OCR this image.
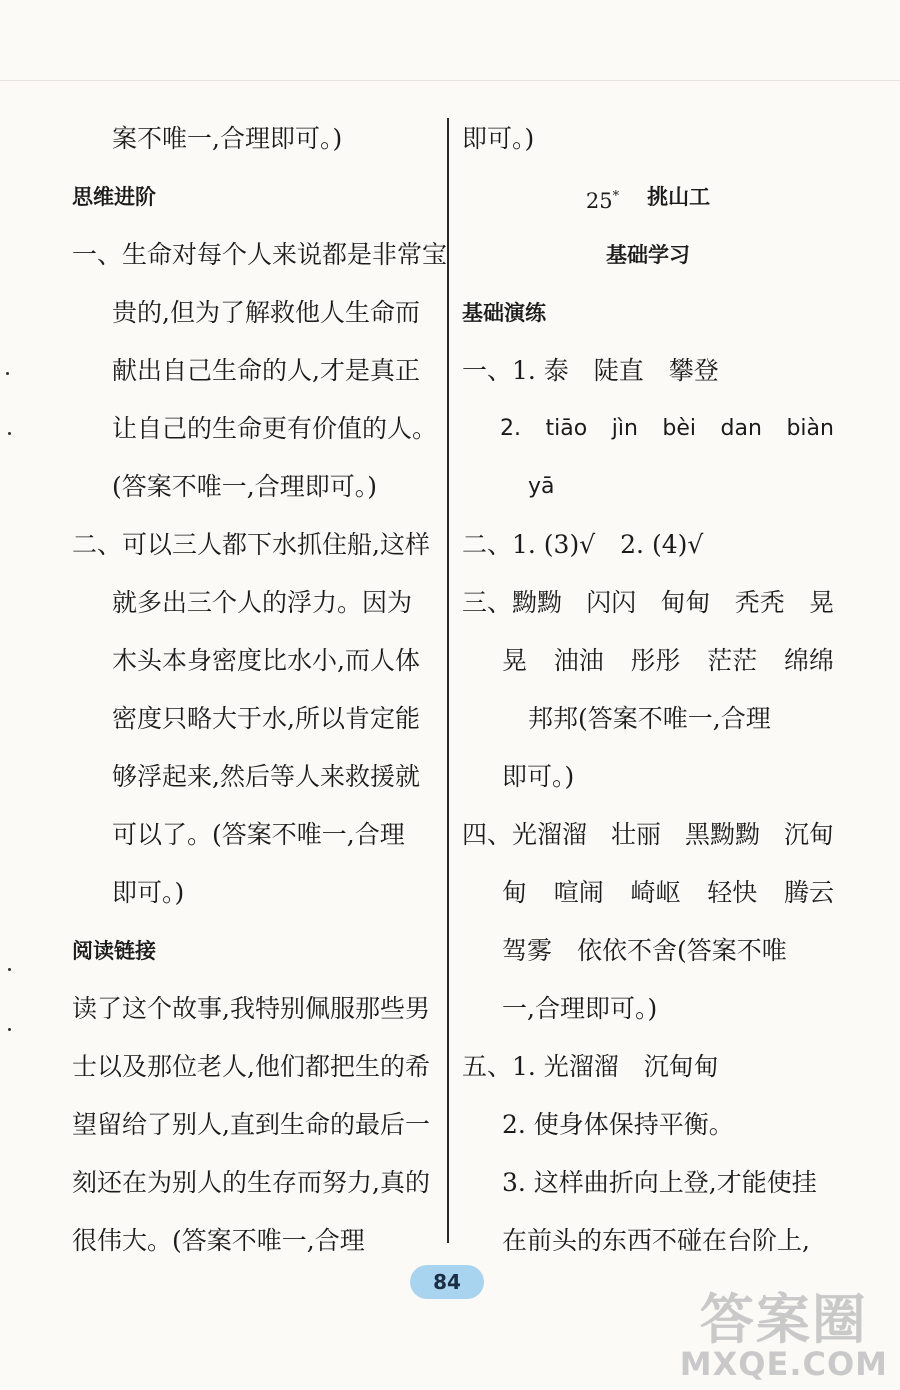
案不唯一,合理即可。)
思维进阶
一、生命对每个人来说都是非常宝
贵的,但为了解救他人生命而
献出自己生命的人,才是真正
让自己的生命更有价值的人。
(答案不唯一,合理即可。)
二、可以三人都下水抓住船,这样
就多出三个人的浮力。因为
木头本身密度比水小,而人体
密度只略大于水,所以肯定能
够浮起来,然后等人来救援就
可以了。(答案不唯一,合理
即可。)
阅读链接
读了这个故事,我特别佩服那些男
士以及那位老人,他们都把生的希
望留给了别人,直到生命的最后一
刻还在为别人的生存而努力,真的
很伟大。(答案不唯一,合理
即可。)
25* 挑山工
基础学习
基础演练
一、1. 泰　陡直　攀登
2. tiāo jìn bèi dan biàn
yā
二、1. (3)√　2. (4)√
三、黝黝 闪闪 甸甸 秃秃 晃
晃 油油 彤彤 茫茫 绵绵
邦邦(答案不唯一,合理
即可。)
四、光溜溜 壮丽 黑黝黝 沉甸
甸 喧闹 崎岖 轻快 腾云
驾雾　依依不舍(答案不唯
一,合理即可。)
五、1. 光溜溜　沉甸甸
2. 使身体保持平衡。
3. 这样曲折向上登,才能使挂
在前头的东西不碰在台阶上,
84
答案圈
MXQE.COM
